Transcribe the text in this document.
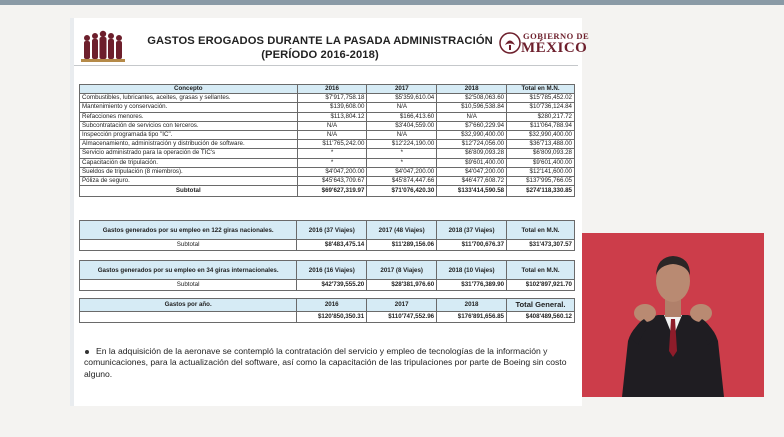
GASTOS EROGADOS DURANTE LA PASADA ADMINISTRACIÓN
(PERÍODO 2016-2018)
GOBIERNO DE
MÉXICO
Concepto	2016	2017	2018	Total en M.N.
Combustibles, lubricantes, aceites, grasas y sellantes.	$7'917,758.18	$5'359,610.04	$2'508,063.60	$15'785,452.02
Mantenimiento y conservación.	$139,608.00	N/A	$10,596,538.84	$10'736,124.84
Refacciones menores.	$113,804.12	$166,413.60	N/A	$280,217.72
Subcontratación de servicios con terceros.	N/A	$3'404,559.00	$7'660,229.94	$11'064,788.94
Inspección programada tipo "IC".	N/A	N/A	$32,990,400.00	$32,990,400.00
Almacenamiento, administración y distribución de software.	$11'765,242.00	$12'224,190.00	$12'724,056.00	$36'713,488.00
Servicio administrado para la operación de TIC's	*	*	$6'809,093.28	$6'809,093.28
Capacitación de tripulación.	*	*	$9'601,400.00	$9'601,400.00
Sueldos de tripulación (8 miembros).	$4'047,200.00	$4'047,200.00	$4'047,200.00	$12'141,600.00
Póliza de seguro.	$45'643,709.67	$45'874,447.66	$46'477,608.72	$137'995,766.05
Subtotal	$69'627,319.97	$71'076,420.30	$133'414,590.58	$274'118,330.85
Gastos generados por su empleo en 122 giras nacionales.	2016 (37 Viajes)	2017 (48 Viajes)	2018 (37 Viajes)	Total en M.N.
Subtotal	$8'483,475.14	$11'289,156.06	$11'700,676.37	$31'473,307.57
Gastos generados por su empleo en 34 giras internacionales.	2016 (16 Viajes)	2017 (8 Viajes)	2018 (10 Viajes)	Total en M.N.
Subtotal	$42'739,555.20	$28'381,976.60	$31'776,389.90	$102'897,921.70
Gastos por año.	2016	2017	2018	Total General.
	$120'850,350.31	$110'747,552.96	$176'891,656.85	$408'489,560.12
En la adquisición de la aeronave se contempló la contratación del servicio y empleo de tecnologías de la información y comunicaciones, para la actualización del software, así como la capacitación de las tripulaciones por parte de Boeing sin costo alguno.
